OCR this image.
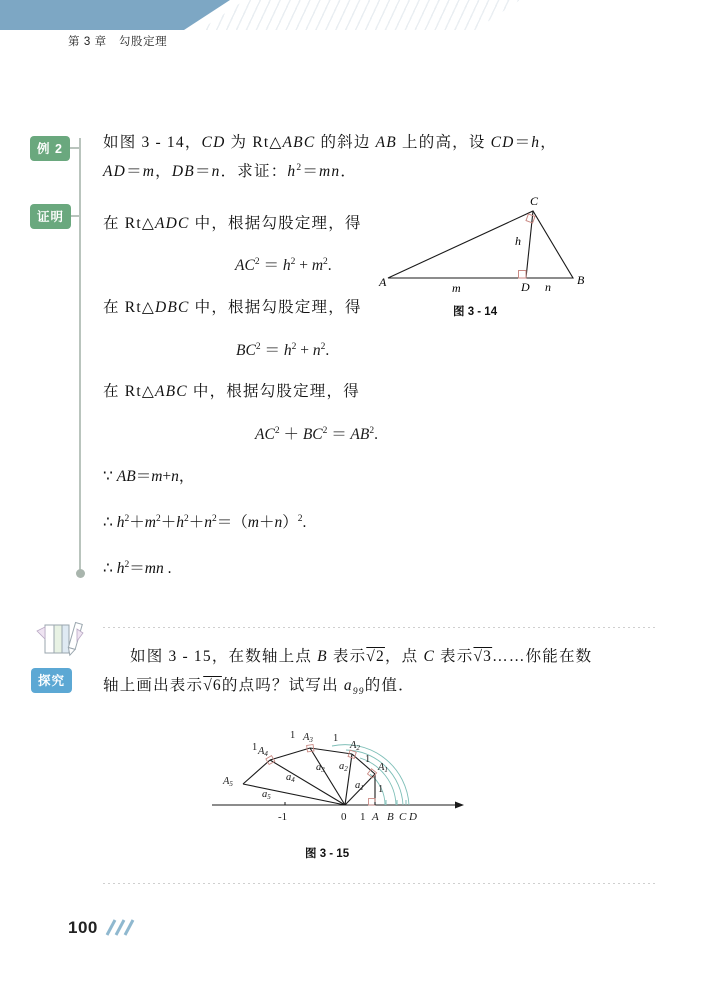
第 3 章　勾股定理
例 2
证明
如图 3 - 14，CD 为 Rt△ABC 的斜边 AB 上的高，设 CD＝h，
AD＝m，DB＝n．求证：$h^2=mn$．
在 Rt△ADC 中，根据勾股定理，得
$AC^2 = h^2 + m^2$.
在 Rt△DBC 中，根据勾股定理，得
$BC^2 = h^2 + n^2$.
在 Rt△ABC 中，根据勾股定理，得
$AC^2 + BC^2 = AB^2$.
∵ AB＝m+n，
∴ $h^2+m^2+h^2+n^2=(m+n)^2$.
∴ $h^2=mn$ .
A	B
C
D
m	n
h
图 3 - 14
探究
如图 3 - 15，在数轴上点 B 表示√2，点 C 表示√3……你能在数
轴上画出表示√6的点吗？试写出 $a_{99}$的值．
A1
A2
A3
A4
A5	a1
a2
a3
a4
a5
1
1
1
1
1
-1	0 1 A B C D
图 3 - 15
100
